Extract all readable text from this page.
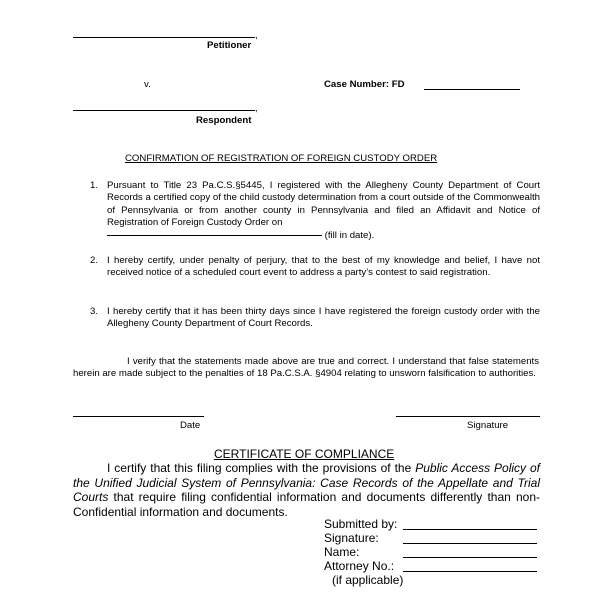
,
Petitioner
v.	Case Number: FD
,
Respondent
CONFIRMATION OF REGISTRATION OF FOREIGN CUSTODY ORDER
1. Pursuant to Title 23 Pa.C.S.§5445, I registered with the Allegheny County Department of Court Records a certified copy of the child custody determination from a court outside of the Commonwealth of Pennsylvania or from another county in Pennsylvania and filed an Affidavit and Notice of Registration of Foreign Custody Order on
(fill in date).
2. I hereby certify, under penalty of perjury, that to the best of my knowledge and belief, I have not received notice of a scheduled court event to address a party’s contest to said registration.
3. I hereby certify that it has been thirty days since I have registered the foreign custody order with the Allegheny County Department of Court Records.
I verify that the statements made above are true and correct. I understand that false statements herein are made subject to the penalties of 18 Pa.C.S.A. §4904 relating to unsworn falsification to authorities.
Date	Signature
CERTIFICATE OF COMPLIANCE
I certify that this filing complies with the provisions of the Public Access Policy of the Unified Judicial System of Pennsylvania: Case Records of the Appellate and Trial Courts that require filing confidential information and documents differently than non-Confidential information and documents.
Submitted by:
Signature:
Name:
Attorney No.:
(if applicable)
